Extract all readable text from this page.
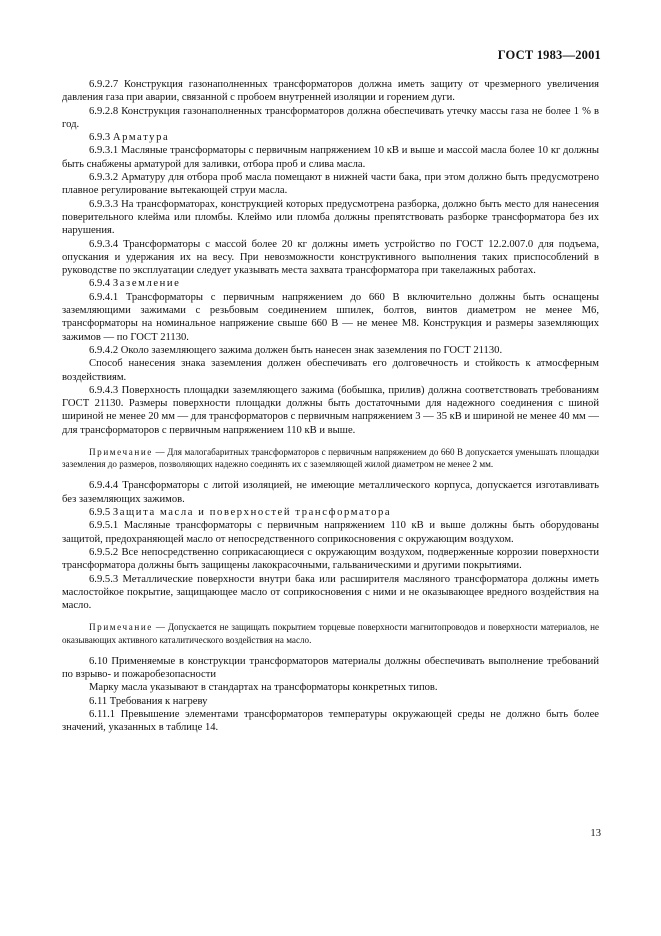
ГОСТ 1983—2001

6.9.2.7 Конструкция газонаполненных трансформаторов должна иметь защиту от чрезмерного увеличения давления газа при аварии, связанной с пробоем внутренней изоляции и горением дуги.

6.9.2.8 Конструкция газонаполненных трансформаторов должна обеспечивать утечку массы газа не более 1 % в год.

6.9.3 Арматура

6.9.3.1 Масляные трансформаторы с первичным напряжением 10 кВ и выше и массой масла более 10 кг должны быть снабжены арматурой для заливки, отбора проб и слива масла.

6.9.3.2 Арматуру для отбора проб масла помещают в нижней части бака, при этом должно быть предусмотрено плавное регулирование вытекающей струи масла.

6.9.3.3 На трансформаторах, конструкцией которых предусмотрена разборка, должно быть место для нанесения поверительного клейма или пломбы. Клеймо или пломба должны препятствовать разборке трансформатора без их нарушения.

6.9.3.4 Трансформаторы с массой более 20 кг должны иметь устройство по ГОСТ 12.2.007.0 для подъема, опускания и удержания их на весу. При невозможности конструктивного выполнения таких приспособлений в руководстве по эксплуатации следует указывать места захвата трансформатора при такелажных работах.

6.9.4 Заземление

6.9.4.1 Трансформаторы с первичным напряжением до 660 В включительно должны быть оснащены заземляющими зажимами с резьбовым соединением шпилек, болтов, винтов диаметром не менее М6, трансформаторы на номинальное напряжение свыше 660 В — не менее М8. Конструкция и размеры заземляющих зажимов — по ГОСТ 21130.

6.9.4.2 Около заземляющего зажима должен быть нанесен знак заземления по ГОСТ 21130.

Способ нанесения знака заземления должен обеспечивать его долговечность и стойкость к атмосферным воздействиям.

6.9.4.3 Поверхность площадки заземляющего зажима (бобышка, прилив) должна соответствовать требованиям ГОСТ 21130. Размеры поверхности площадки должны быть достаточными для надежного соединения с шиной шириной не менее 20 мм — для трансформаторов с первичным напряжением 3 — 35 кВ и шириной не менее 40 мм — для трансформаторов с первичным напряжением 110 кВ и выше.

Примечание — Для малогабаритных трансформаторов с первичным напряжением до 660 В допускается уменьшать площадки заземления до размеров, позволяющих надежно соединять их с заземляющей жилой диаметром не менее 2 мм.

6.9.4.4 Трансформаторы с литой изоляцией, не имеющие металлического корпуса, допускается изготавливать без заземляющих зажимов.

6.9.5 Защита масла и поверхностей трансформатора

6.9.5.1 Масляные трансформаторы с первичным напряжением 110 кВ и выше должны быть оборудованы защитой, предохраняющей масло от непосредственного соприкосновения с окружающим воздухом.

6.9.5.2 Все непосредственно соприкасающиеся с окружающим воздухом, подверженные коррозии поверхности трансформатора должны быть защищены лакокрасочными, гальваническими и другими покрытиями.

6.9.5.3 Металлические поверхности внутри бака или расширителя масляного трансформатора должны иметь маслостойкое покрытие, защищающее масло от соприкосновения с ними и не оказывающее вредного воздействия на масло.

Примечание — Допускается не защищать покрытием торцевые поверхности магнитопроводов и поверхности материалов, не оказывающих активного каталитического воздействия на масло.

6.10 Применяемые в конструкции трансформаторов материалы должны обеспечивать выполнение требований по взрыво- и пожаробезопасности

Марку масла указывают в стандартах на трансформаторы конкретных типов.

6.11 Требования к нагреву

6.11.1 Превышение элементами трансформаторов температуры окружающей среды не должно быть более значений, указанных в таблице 14.

13
